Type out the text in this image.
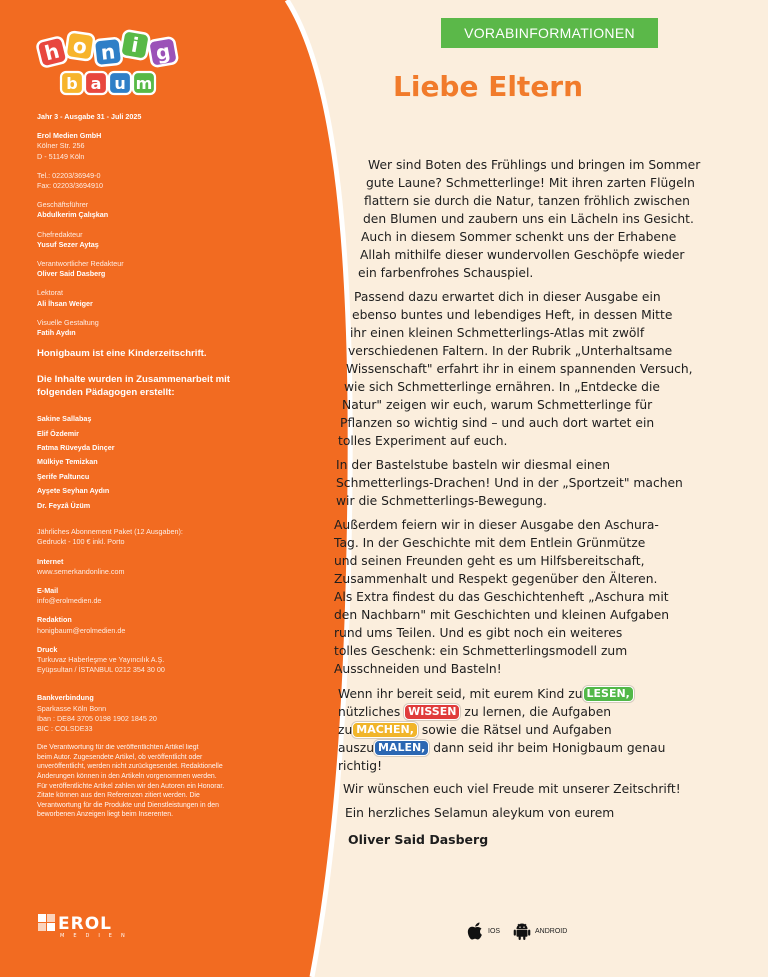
h o n i g
b a u m
Jahr 3 - Ausgabe 31 - Juli 2025
Erol Medien GmbH
Kölner Str. 256
D - 51149 Köln
Tel.: 02203/36949-0
Fax: 02203/3694910
Geschäftsführer
Abdulkerim Çalışkan
Chefredakteur
Yusuf Sezer Aytaş
Verantwortlicher Redakteur
Oliver Said Dasberg
Lektorat
Ali İhsan Weiger
Visuelle Gestaltung
Fatih Aydın
Honigbaum ist eine Kinderzeitschrift.
Die Inhalte wurden in Zusammenarbeit mit folgenden Pädagogen erstellt:
Sakine Sallabaş
Elif Özdemir
Fatma Rüveyda Dinçer
Mülkiye Temizkan
Şerife Paltuncu
Ayşete Seyhan Aydın
Dr. Feyzâ Üzüm
Jährliches Abonnement Paket (12 Ausgaben):
Gedruckt - 100 € inkl. Porto
Internet
www.semerkandonline.com
E-Mail
info@erolmedien.de
Redaktion
honigbaum@erolmedien.de
Druck
Turkuvaz Haberleşme ve Yayıncılık A.Ş.
Eyüpsultan / İSTANBUL 0212 354 30 00
Bankverbindung
Sparkasse Köln Bonn
Iban : DE84 3705 0198 1902 1845 20
BIC : COLSDE33
Die Verantwortung für die veröffentlichten Artikel liegt
beim Autor. Zugesendete Artikel, ob veröffentlicht oder
unveröffentlicht, werden nicht zurückgesendet. Redaktionelle
Änderungen können in den Artikeln vorgenommen werden.
Für veröffentlichte Artikel zahlen wir den Autoren ein Honorar.
Zitate können aus den Referenzen zitiert werden. Die
Verantwortung für die Produkte und Dienstleistungen in den
beworbenen Anzeigen liegt beim Inserenten.
EROL
MEDIEN
VORABINFORMATIONEN
Liebe Eltern
Wer sind Boten des Frühlings und bringen im Sommer
gute Laune? Schmetterlinge! Mit ihren zarten Flügeln
flattern sie durch die Natur, tanzen fröhlich zwischen
den Blumen und zaubern uns ein Lächeln ins Gesicht.
Auch in diesem Sommer schenkt uns der Erhabene
Allah mithilfe dieser wundervollen Geschöpfe wieder
ein farbenfrohes Schauspiel.
Passend dazu erwartet dich in dieser Ausgabe ein
ebenso buntes und lebendiges Heft, in dessen Mitte
ihr einen kleinen Schmetterlings-Atlas mit zwölf
verschiedenen Faltern. In der Rubrik „Unterhaltsame
Wissenschaft" erfahrt ihr in einem spannenden Versuch,
wie sich Schmetterlinge ernähren. In „Entdecke die
Natur" zeigen wir euch, warum Schmetterlinge für
Pflanzen so wichtig sind – und auch dort wartet ein
tolles Experiment auf euch.
In der Bastelstube basteln wir diesmal einen
Schmetterlings-Drachen! Und in der „Sportzeit" machen
wir die Schmetterlings-Bewegung.
Außerdem feiern wir in dieser Ausgabe den Aschura-
Tag. In der Geschichte mit dem Entlein Grünmütze
und seinen Freunden geht es um Hilfsbereitschaft,
Zusammenhalt und Respekt gegenüber den Älteren.
Als Extra findest du das Geschichtenheft „Aschura mit
den Nachbarn" mit Geschichten und kleinen Aufgaben
rund ums Teilen. Und es gibt noch ein weiteres
tolles Geschenk: ein Schmetterlingsmodell zum
Ausschneiden und Basteln!
Wenn ihr bereit seid, mit eurem Kind zu LESEN,
nützliches WISSEN zu lernen, die Aufgaben
zu MACHEN, sowie die Rätsel und Aufgaben
auszu MALEN, dann seid ihr beim Honigbaum genau
richtig!
Wir wünschen euch viel Freude mit unserer Zeitschrift!
Ein herzliches Selamun aleykum von eurem
Oliver Said Dasberg
IOS	ANDROID
